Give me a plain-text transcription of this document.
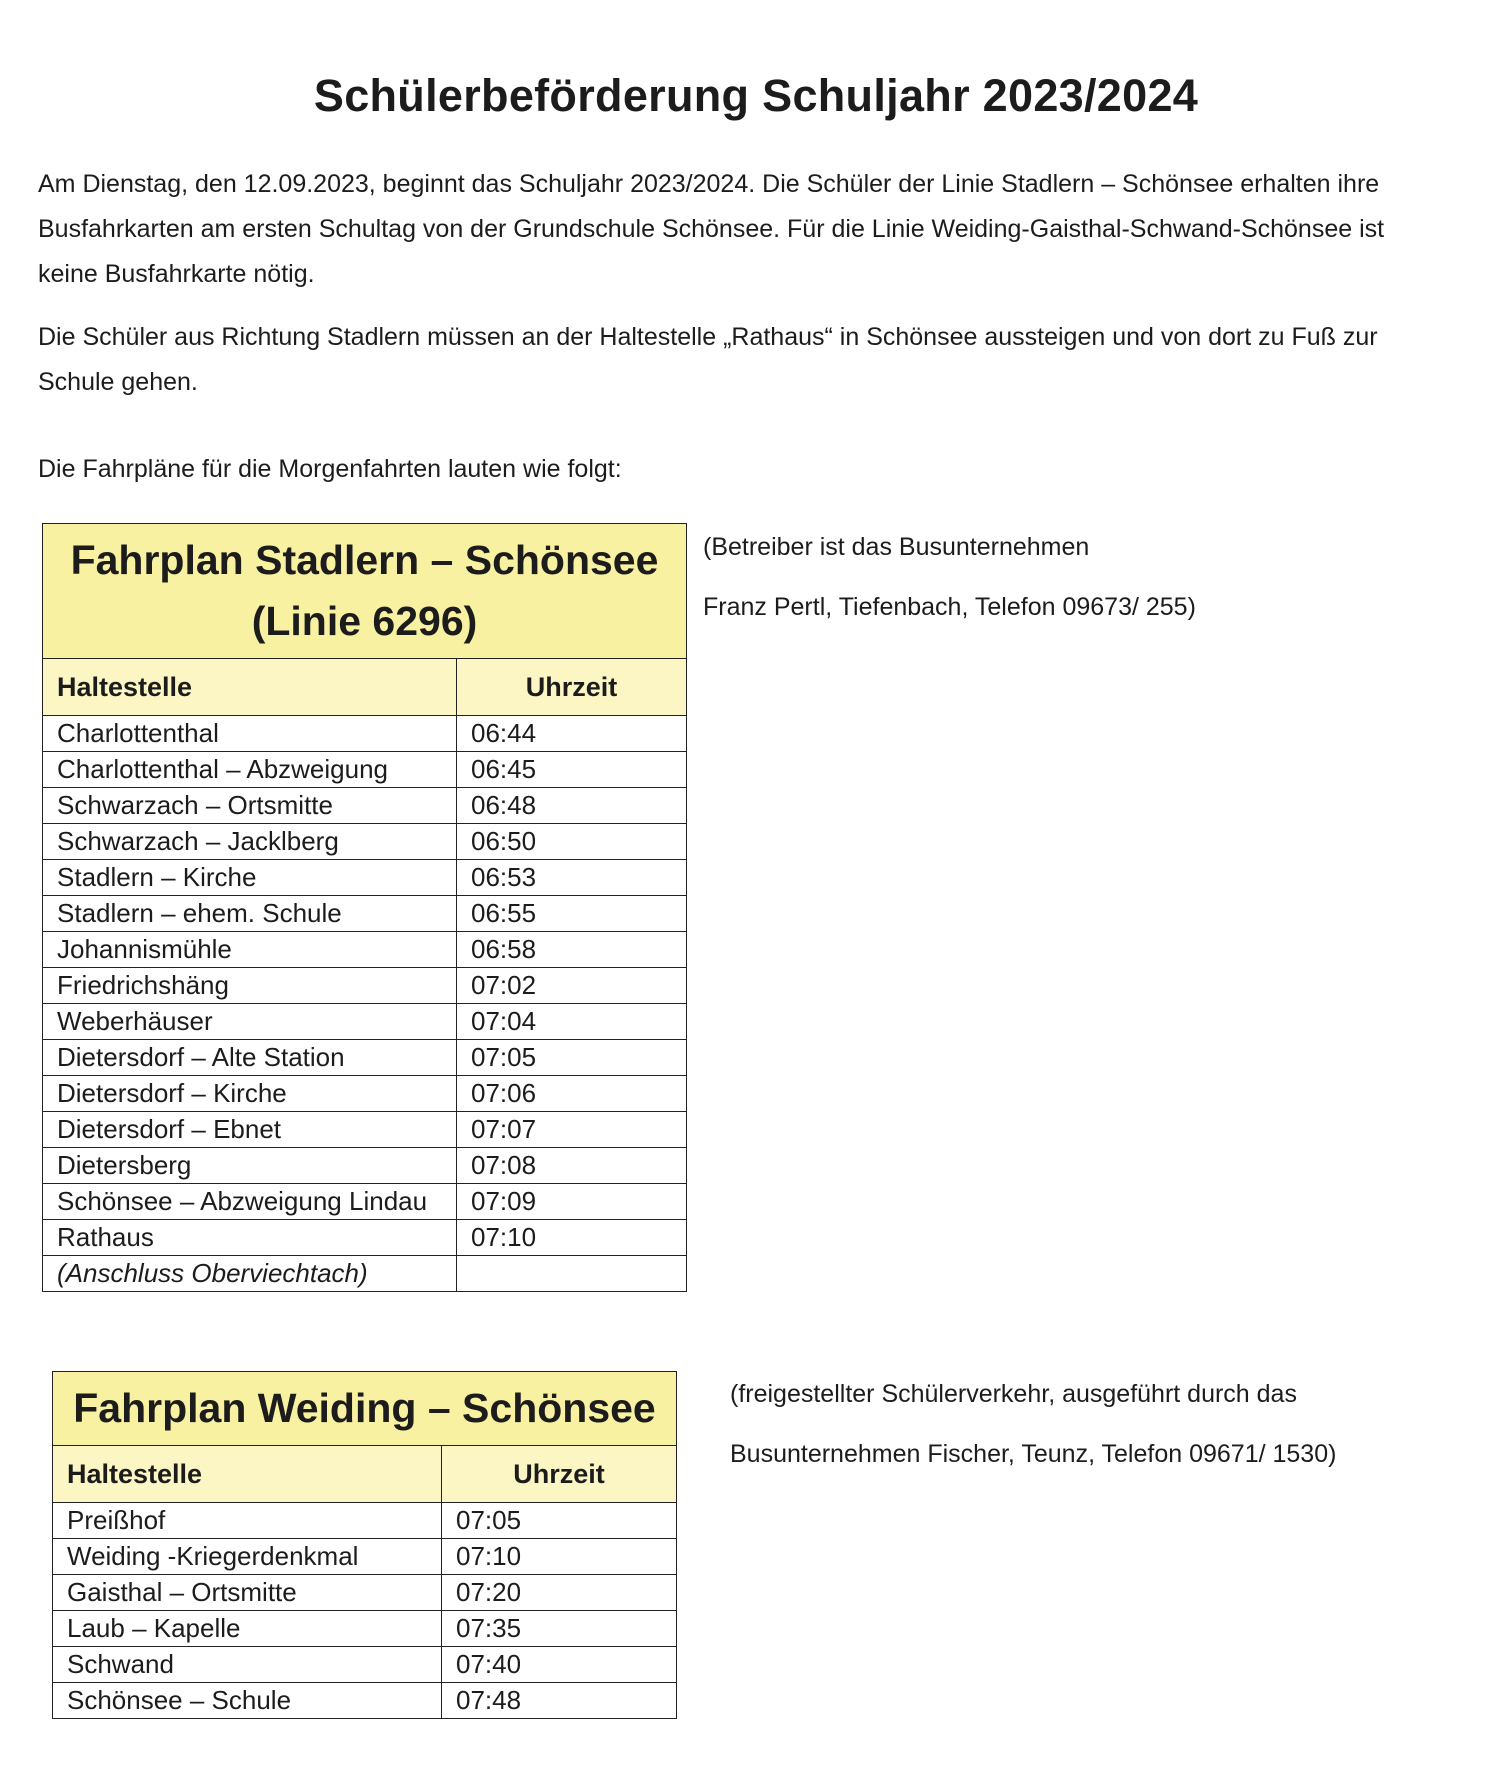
Schülerbeförderung Schuljahr 2023/2024

Am Dienstag, den 12.09.2023, beginnt das Schuljahr 2023/2024. Die Schüler der Linie Stadlern – Schönsee erhalten ihre Busfahrkarten am ersten Schultag von der Grundschule Schönsee. Für die Linie Weiding-Gaisthal-Schwand-Schönsee ist keine Busfahrkarte nötig.

Die Schüler aus Richtung Stadlern müssen an der Haltestelle „Rathaus“ in Schönsee aussteigen und von dort zu Fuß zur Schule gehen.

Die Fahrpläne für die Morgenfahrten lauten wie folgt:

Fahrplan Stadlern – Schönsee
(Linie 6296)	

Haltestelle	Uhrzeit
Charlottenthal	06:44
Charlottenthal – Abzweigung	06:45
Schwarzach – Ortsmitte	06:48
Schwarzach – Jacklberg	06:50
Stadlern – Kirche	06:53
Stadlern – ehem. Schule	06:55
Johannismühle	06:58
Friedrichshäng	07:02
Weberhäuser	07:04
Dietersdorf – Alte Station	07:05
Dietersdorf – Kirche	07:06
Dietersdorf – Ebnet	07:07
Dietersberg	07:08
Schönsee – Abzweigung Lindau	07:09
Rathaus	07:10
(Anschluss Oberviechtach)	
(Betreiber ist das Busunternehmen
Franz Pertl, Tiefenbach, Telefon 09673/ 255)
Fahrplan Weiding – Schönsee	
Haltestelle	Uhrzeit
Preißhof	07:05
Weiding -Kriegerdenkmal	07:10
Gaisthal – Ortsmitte	07:20
Laub – Kapelle	07:35
Schwand	07:40
Schönsee – Schule	07:48
(freigestellter Schülerverkehr, ausgeführt durch das
Busunternehmen Fischer, Teunz, Telefon 09671/ 1530)
